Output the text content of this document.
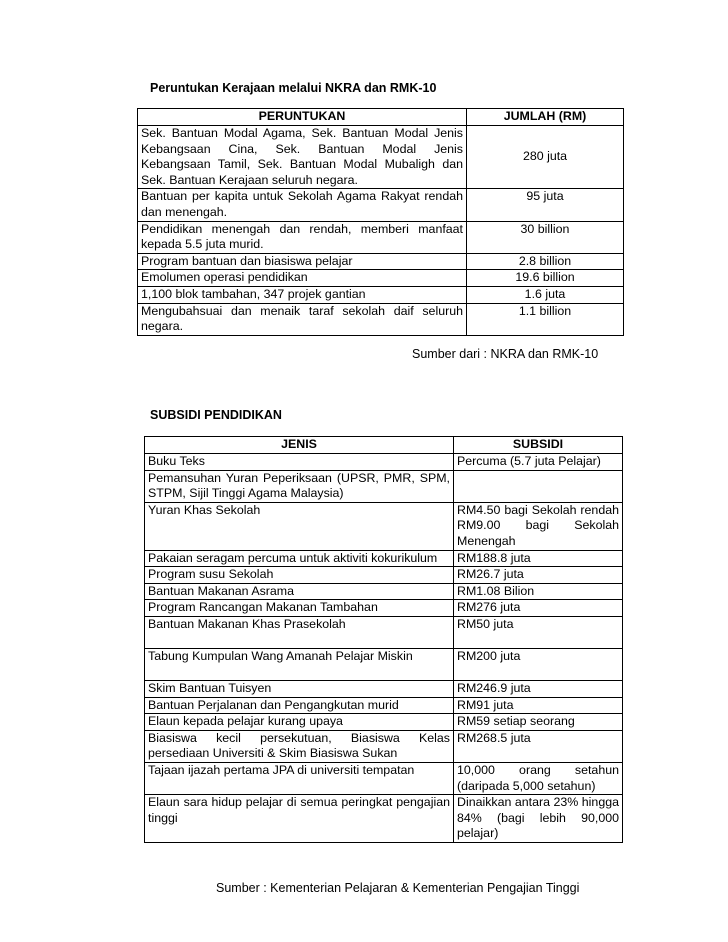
Peruntukan Kerajaan melalui NKRA dan RMK-10
PERUNTUKAN	JUMLAH (RM)
Sek. Bantuan Modal Agama, Sek. Bantuan Modal Jenis Kebangsaan Cina, Sek. Bantuan Modal Jenis Kebangsaan Tamil, Sek. Bantuan Modal Mubaligh dan Sek. Bantuan Kerajaan seluruh negara.	280 juta
Bantuan per kapita untuk Sekolah Agama Rakyat rendah dan menengah.	95 juta
Pendidikan menengah dan rendah, memberi manfaat kepada 5.5 juta murid.	30 billion
Program bantuan dan biasiswa pelajar	2.8 billion
Emolumen operasi pendidikan	19.6 billion
1,100 blok tambahan, 347 projek gantian	1.6 juta
Mengubahsuai dan menaik taraf sekolah daif seluruh negara.	1.1 billion
Sumber dari : NKRA dan RMK-10
SUBSIDI PENDIDIKAN
JENIS	SUBSIDI
Buku Teks	Percuma (5.7 juta Pelajar)
Pemansuhan Yuran Peperiksaan (UPSR, PMR, SPM, STPM, Sijil Tinggi Agama Malaysia)	
Yuran Khas Sekolah	RM4.50 bagi Sekolah rendah RM9.00 bagi Sekolah Menengah
Pakaian seragam percuma untuk aktiviti kokurikulum	RM188.8 juta
Program susu Sekolah	RM26.7 juta
Bantuan Makanan Asrama	RM1.08 Bilion
Program Rancangan Makanan Tambahan	RM276 juta
Bantuan Makanan Khas Prasekolah	RM50 juta
Tabung Kumpulan Wang Amanah Pelajar Miskin	RM200 juta
Skim Bantuan Tuisyen	RM246.9 juta
Bantuan Perjalanan dan Pengangkutan murid	RM91 juta
Elaun kepada pelajar kurang upaya	RM59 setiap seorang
Biasiswa kecil persekutuan, Biasiswa Kelas persediaan Universiti & Skim Biasiswa Sukan	RM268.5 juta
Tajaan ijazah pertama JPA di universiti tempatan	10,000 orang setahun (daripada 5,000 setahun)
Elaun sara hidup pelajar di semua peringkat pengajian tinggi	Dinaikkan antara 23% hingga 84% (bagi lebih 90,000 pelajar)
Sumber : Kementerian Pelajaran & Kementerian Pengajian Tinggi
